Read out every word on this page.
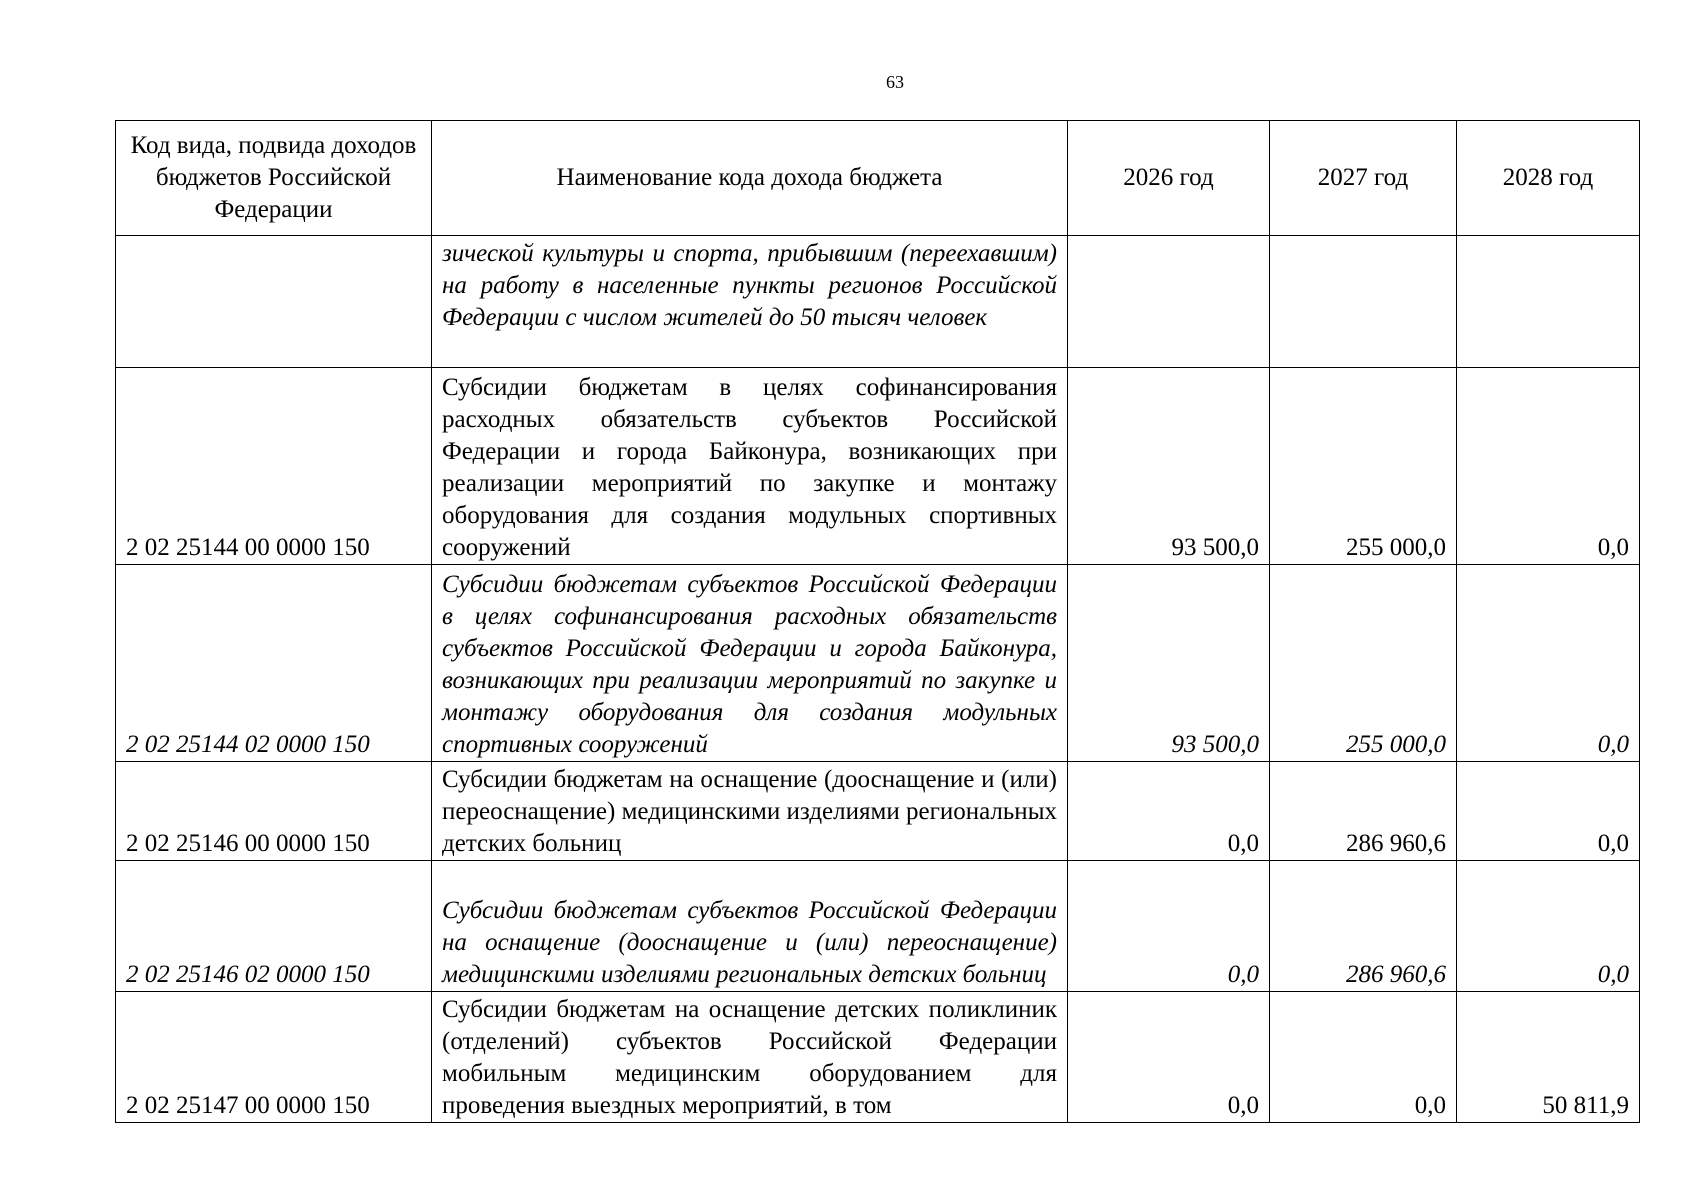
63
Код вида, подвида доходов бюджетов Российской Федерации	Наименование кода дохода бюджета	2026 год	2027 год	2028 год
	зической культуры и спорта, прибывшим (переехавшим) на работу в населенные пункты регионов Российской Федерации с числом жителей до 50 тысяч человек			
2 02 25144 00 0000 150	Субсидии бюджетам в целях софинансирования расходных обязательств субъектов Российской Федерации и города Байконура, возникающих при реализации мероприятий по закупке и монтажу оборудования для создания модульных спортивных сооружений	93 500,0	255 000,0	0,0
2 02 25144 02 0000 150	Субсидии бюджетам субъектов Российской Федерации в целях софинансирования расходных обязательств субъектов Российской Федерации и города Байконура, возникающих при реализации мероприятий по закупке и монтажу оборудования для создания модульных спортивных сооружений	93 500,0	255 000,0	0,0
2 02 25146 00 0000 150	Субсидии бюджетам на оснащение (дооснащение и (или) переоснащение) медицинскими изделиями региональных детских больниц	0,0	286 960,6	0,0
2 02 25146 02 0000 150	Субсидии бюджетам субъектов Российской Федерации на оснащение (дооснащение и (или) переоснащение) медицинскими изделиями региональных детских больниц	0,0	286 960,6	0,0
2 02 25147 00 0000 150	Субсидии бюджетам на оснащение детских поликлиник (отделений) субъектов Российской Федерации мобильным медицинским оборудованием для проведения выездных мероприятий, в том	0,0	0,0	50 811,9
